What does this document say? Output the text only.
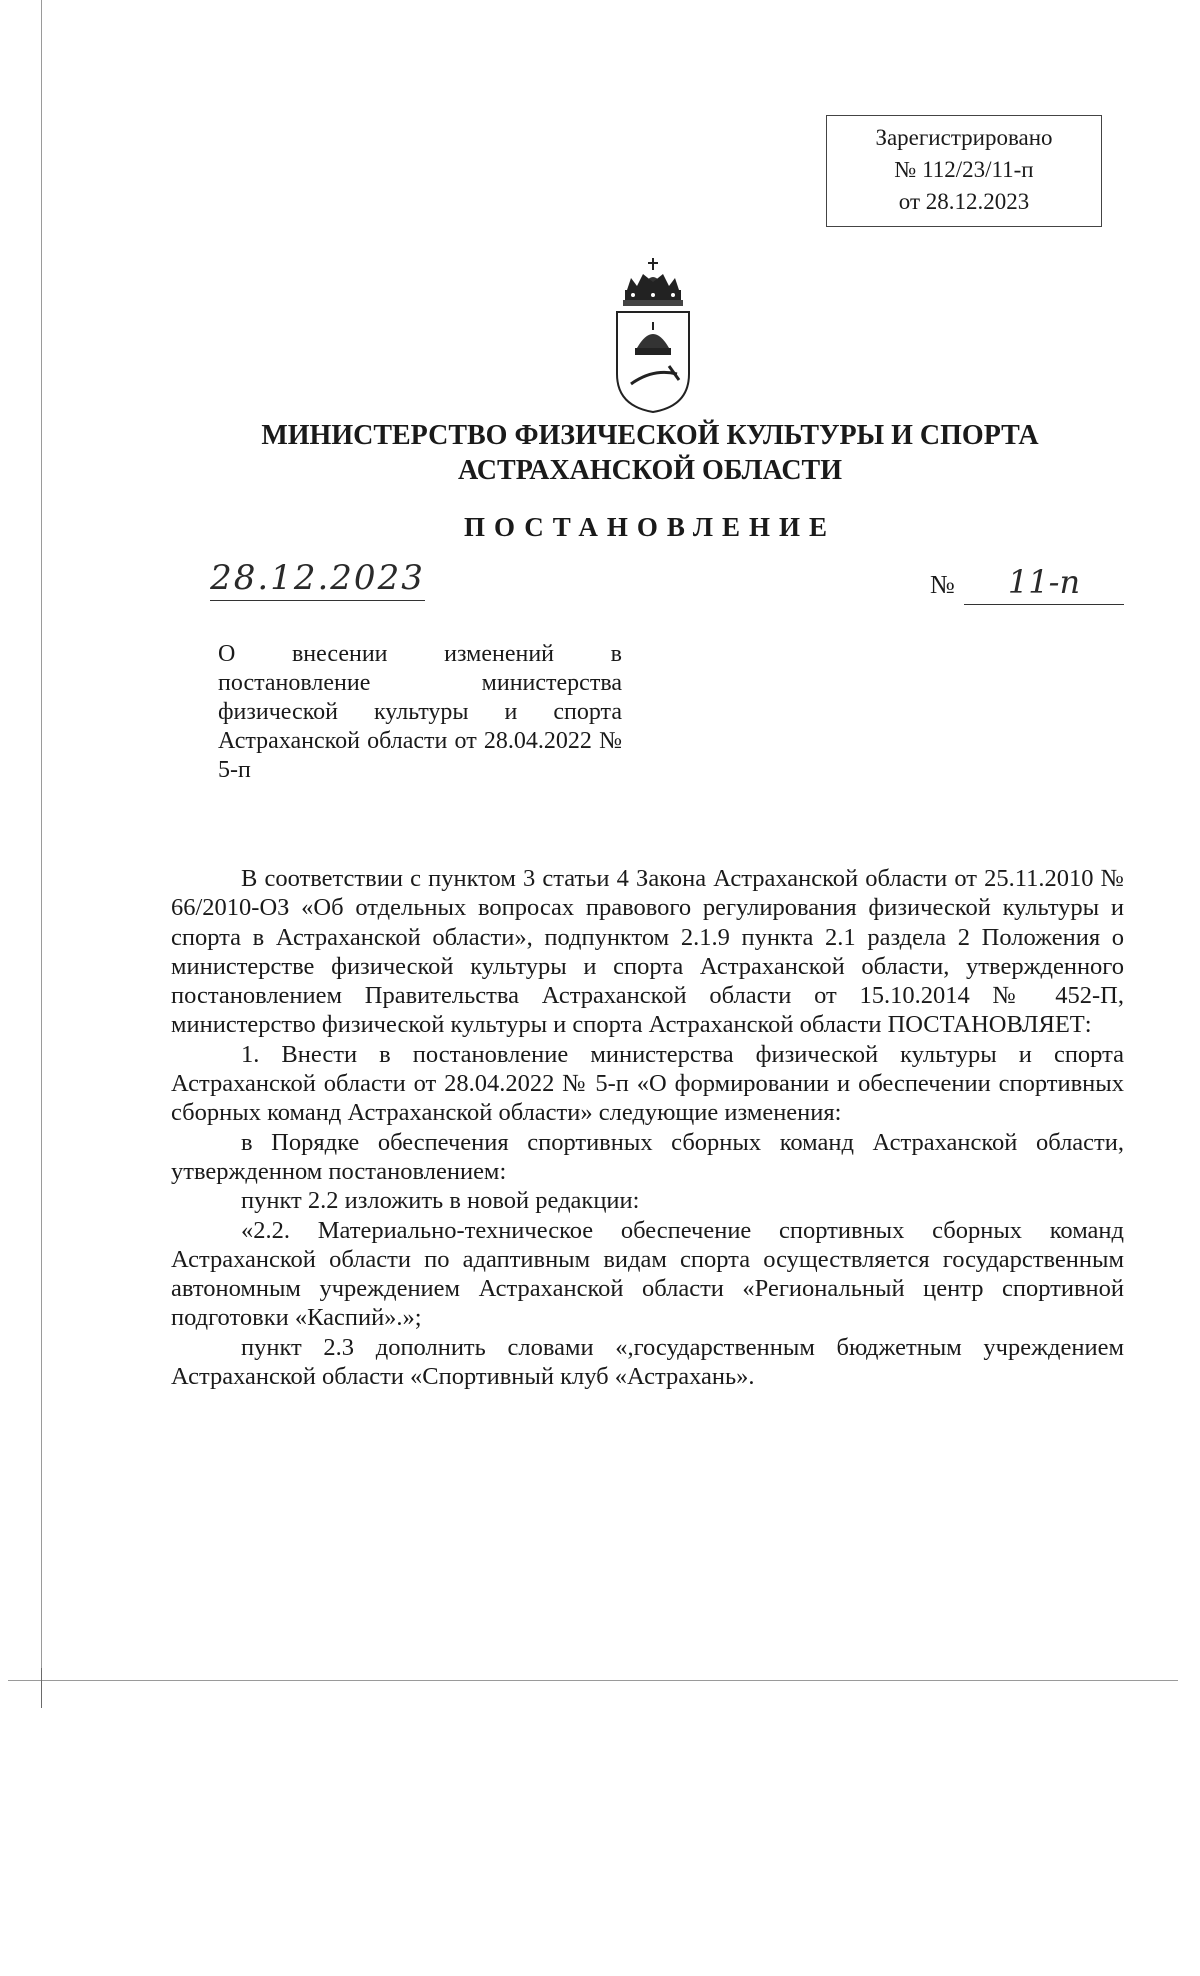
Зарегистрировано
№ 112/23/11-п
от 28.12.2023
МИНИСТЕРСТВО ФИЗИЧЕСКОЙ КУЛЬТУРЫ И СПОРТА
АСТРАХАНСКОЙ ОБЛАСТИ
ПОСТАНОВЛЕНИЕ
28.12.2023	№	11-п
О внесении изменений в постановление министерства физической культуры и спорта Астраханской области от 28.04.2022 № 5-п

В соответствии с пунктом 3 статьи 4 Закона Астраханской области от 25.11.2010 № 66/2010-ОЗ «Об отдельных вопросах правового регулирования физической культуры и спорта в Астраханской области», подпунктом 2.1.9 пункта 2.1 раздела 2 Положения о министерстве физической культуры и спорта Астраханской области, утвержденного постановлением Правительства Астраханской области от 15.10.2014 № 452-П, министерство физической культуры и спорта Астраханской области ПОСТАНОВЛЯЕТ:

1. Внести в постановление министерства физической культуры и спорта Астраханской области от 28.04.2022 № 5-п «О формировании и обеспечении спортивных сборных команд Астраханской области» следующие изменения:

в Порядке обеспечения спортивных сборных команд Астраханской области, утвержденном постановлением:

пункт 2.2 изложить в новой редакции:

«2.2. Материально-техническое обеспечение спортивных сборных команд Астраханской области по адаптивным видам спорта осуществляется государственным автономным учреждением Астраханской области «Региональный центр спортивной подготовки «Каспий».»;

пункт 2.3 дополнить словами «,государственным бюджетным учреждением Астраханской области «Спортивный клуб «Астрахань».
